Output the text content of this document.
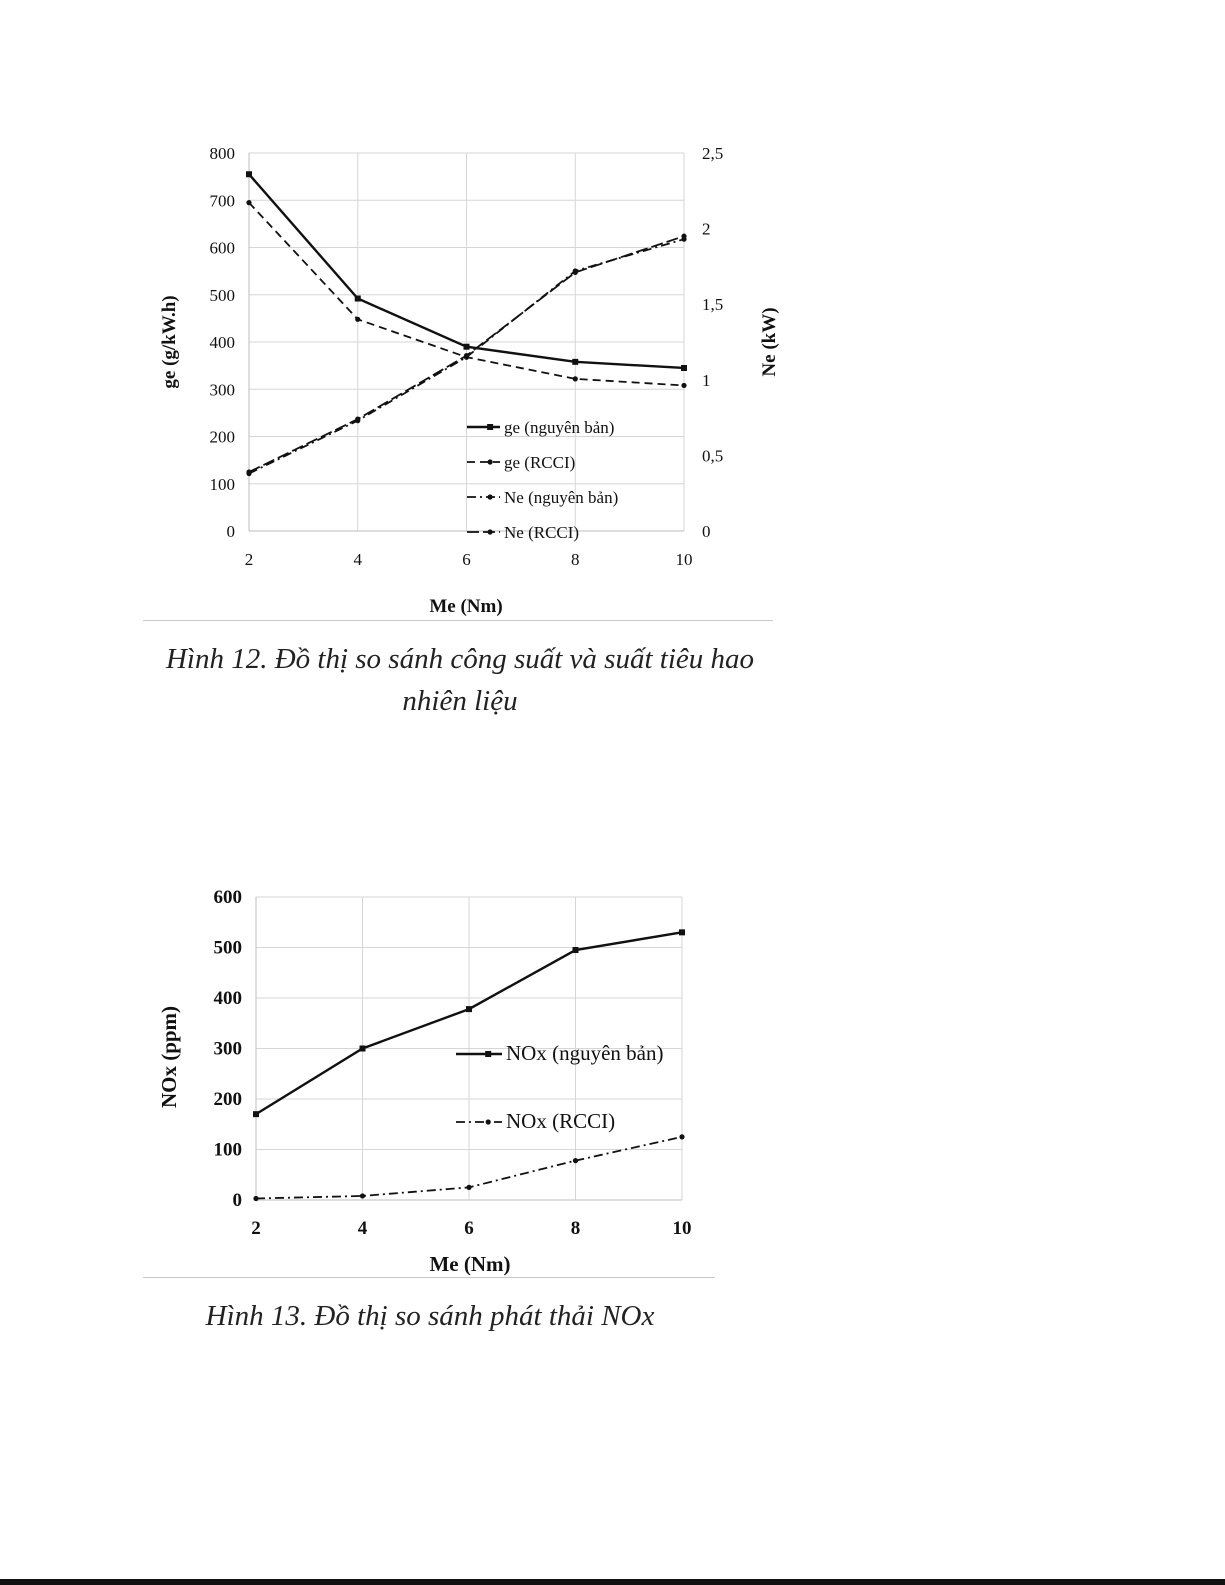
0
100
200
300
400
500
600
700
800
2	4	6	8	10
0
0,5
1
1,5
2
2,5
ge (g/kW.h)	Ne (kW)
Me (Nm)
ge (nguyên bản)
ge (RCCI)
Ne (nguyên bản)
Ne (RCCI)
0
100
200
300
400
500
600
2	4	6	8	10
NOx (ppm)
Me (Nm)
NOx (nguyên bản)
NOx (RCCI)
Hình 12. Đồ thị so sánh công suất và suất tiêu hao
nhiên liệu
Hình 13. Đồ thị so sánh phát thải NOx
